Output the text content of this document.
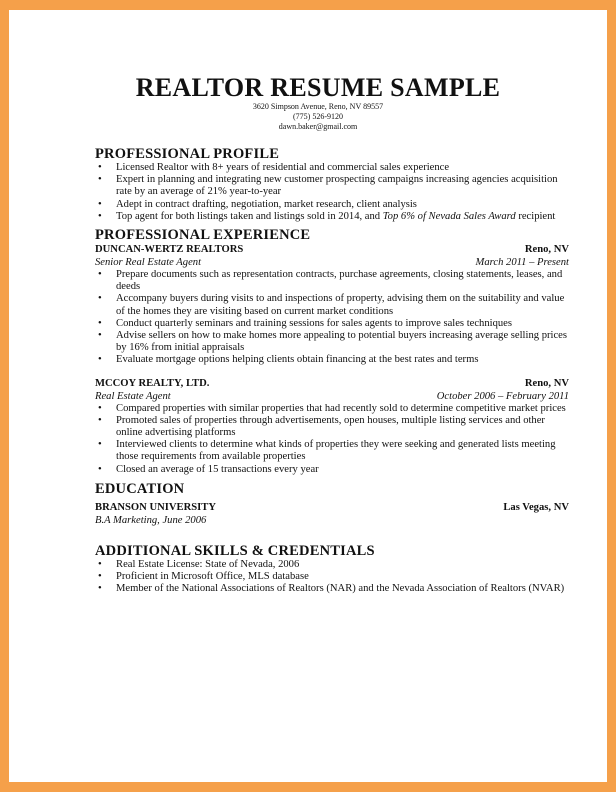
REALTOR RESUME SAMPLE
3620 Simpson Avenue, Reno, NV 89557
(775) 526-9120
dawn.baker@gmail.com
PROFESSIONAL PROFILE
• Licensed Realtor with 8+ years of residential and commercial sales experience
• Expert in planning and integrating new customer prospecting campaigns increasing agencies acquisition rate by an average of 21% year-to-year
• Adept in contract drafting, negotiation, market research, client analysis
• Top agent for both listings taken and listings sold in 2014, and Top 6% of Nevada Sales Award recipient
PROFESSIONAL EXPERIENCE
DUNCAN-WERTZ REALTORS	Reno, NV
Senior Real Estate Agent	March 2011 – Present
• Prepare documents such as representation contracts, purchase agreements, closing statements, leases, and deeds
• Accompany buyers during visits to and inspections of property, advising them on the suitability and value of the homes they are visiting based on current market conditions
• Conduct quarterly seminars and training sessions for sales agents to improve sales techniques
• Advise sellers on how to make homes more appealing to potential buyers increasing average selling prices by 16% from initial appraisals
• Evaluate mortgage options helping clients obtain financing at the best rates and terms
MCCOY REALTY, LTD.	Reno, NV
Real Estate Agent	October 2006 – February 2011
• Compared properties with similar properties that had recently sold to determine competitive market prices
• Promoted sales of properties through advertisements, open houses, multiple listing services and other online advertising platforms
• Interviewed clients to determine what kinds of properties they were seeking and generated lists meeting those requirements from available properties
• Closed an average of 15 transactions every year
EDUCATION
BRANSON UNIVERSITY	Las Vegas, NV
B.A Marketing, June 2006
ADDITIONAL SKILLS & CREDENTIALS
• Real Estate License: State of Nevada, 2006
• Proficient in Microsoft Office, MLS database
• Member of the National Associations of Realtors (NAR) and the Nevada Association of Realtors (NVAR)
